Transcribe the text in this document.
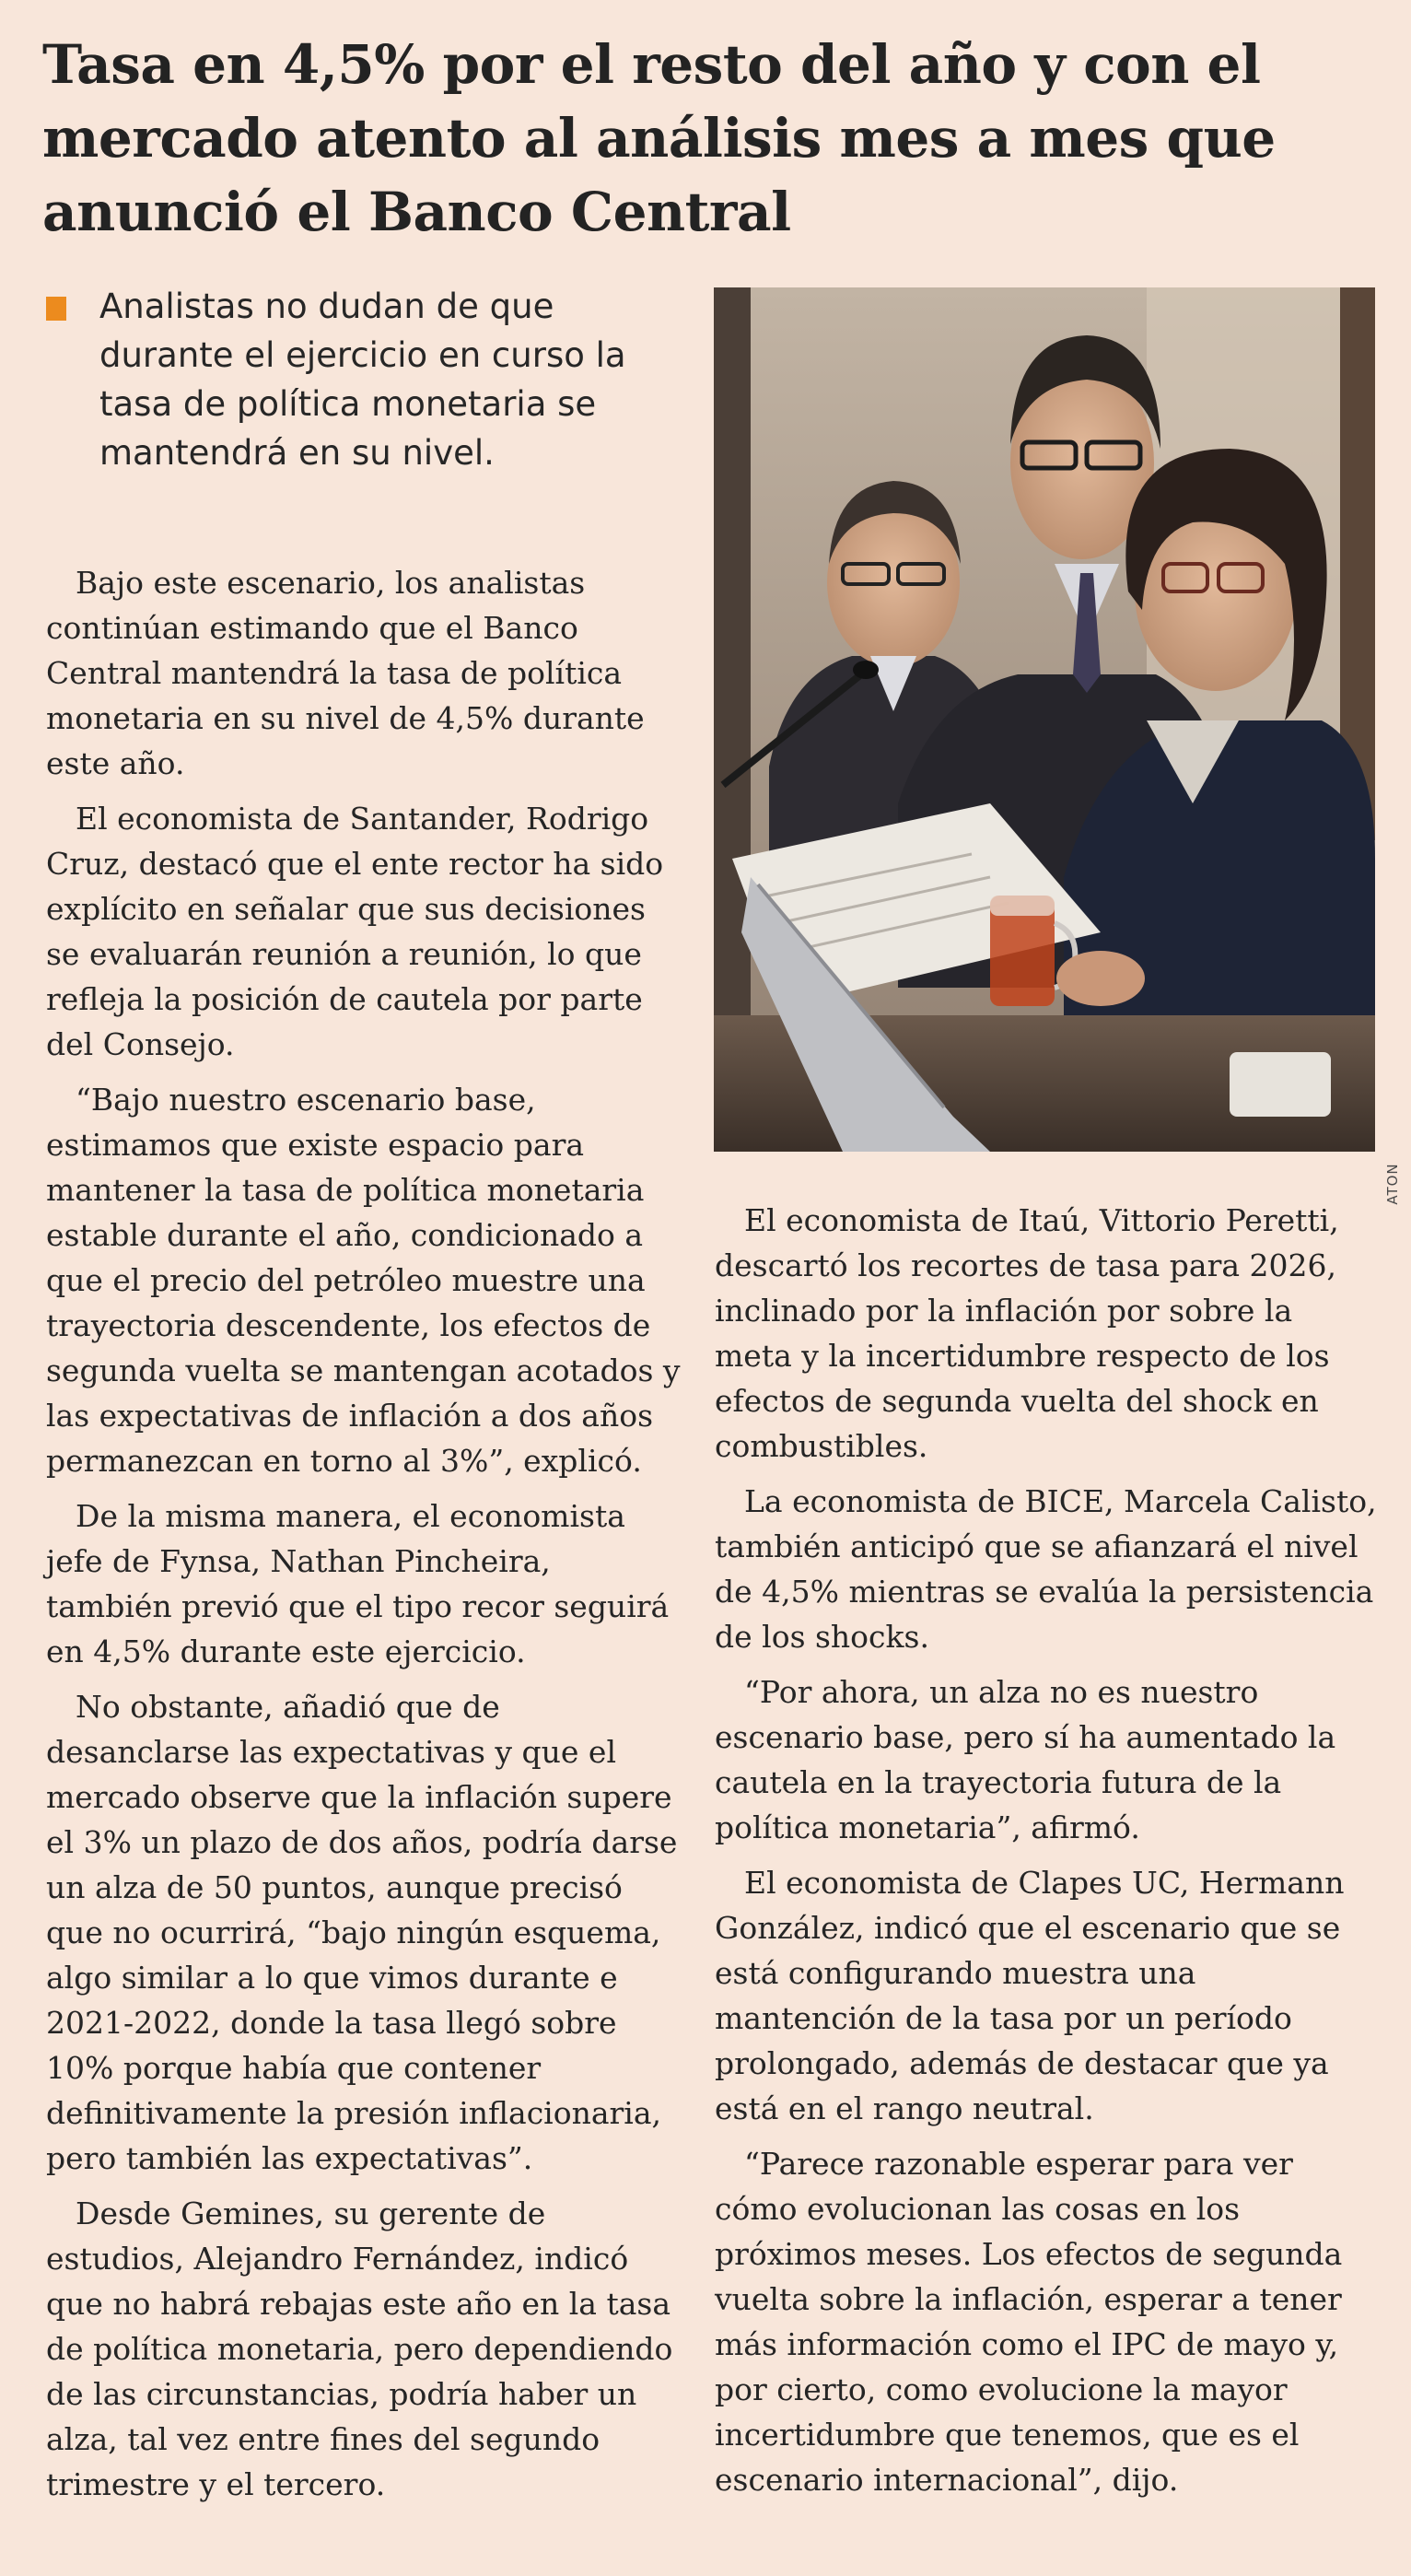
Tasa en 4,5% por el resto del año y con el mercado atento al análisis mes a mes que anunció el Banco Central

Analistas no dudan de que durante el ejercicio en curso la tasa de política monetaria se mantendrá en su nivel.

ATON

Bajo este escenario, los analistas continúan estimando que el Banco Central mantendrá la tasa de política monetaria en su nivel de 4,5% durante este año.

El economista de Santander, Rodrigo Cruz, destacó que el ente rector ha sido explícito en señalar que sus decisiones se evaluarán reunión a reunión, lo que refleja la posición de cautela por parte del Consejo.

“Bajo nuestro escenario base, estimamos que existe espacio para mantener la tasa de política monetaria estable durante el año, condicionado a que el precio del petróleo muestre una trayectoria descendente, los efectos de segunda vuelta se mantengan acotados y las expectativas de inflación a dos años permanezcan en torno al 3%”, explicó.

De la misma manera, el economista jefe de Fynsa, Nathan Pincheira, también previó que el tipo recor seguirá en 4,5% durante este ejercicio.

No obstante, añadió que de desanclarse las expectativas y que el mercado observe que la inflación supere el 3% un plazo de dos años, podría darse un alza de 50 puntos, aunque precisó que no ocurrirá, “bajo ningún esquema, algo similar a lo que vimos durante e 2021-2022, donde la tasa llegó sobre 10% porque había que contener definitivamente la presión inflacionaria, pero también las expectativas”.

Desde Gemines, su gerente de estudios, Alejandro Fernández, indicó que no habrá rebajas este año en la tasa de política monetaria, pero dependiendo de las circunstancias, podría haber un alza, tal vez entre fines del segundo trimestre y el tercero.

El economista de Itaú, Vittorio Peretti, descartó los recortes de tasa para 2026, inclinado por la inflación por sobre la meta y la incertidumbre respecto de los efectos de segunda vuelta del shock en combustibles.

La economista de BICE, Marcela Calisto, también anticipó que se afianzará el nivel de 4,5% mientras se evalúa la persistencia de los shocks.

“Por ahora, un alza no es nuestro escenario base, pero sí ha aumentado la cautela en la trayectoria futura de la política monetaria”, afirmó.

El economista de Clapes UC, Hermann González, indicó que el escenario que se está configurando muestra una mantención de la tasa por un período prolongado, además de destacar que ya está en el rango neutral.

“Parece razonable esperar para ver cómo evolucionan las cosas en los próximos meses. Los efectos de segunda vuelta sobre la inflación, esperar a tener más información como el IPC de mayo y, por cierto, como evolucione la mayor incertidumbre que tenemos, que es el escenario internacional”, dijo.
